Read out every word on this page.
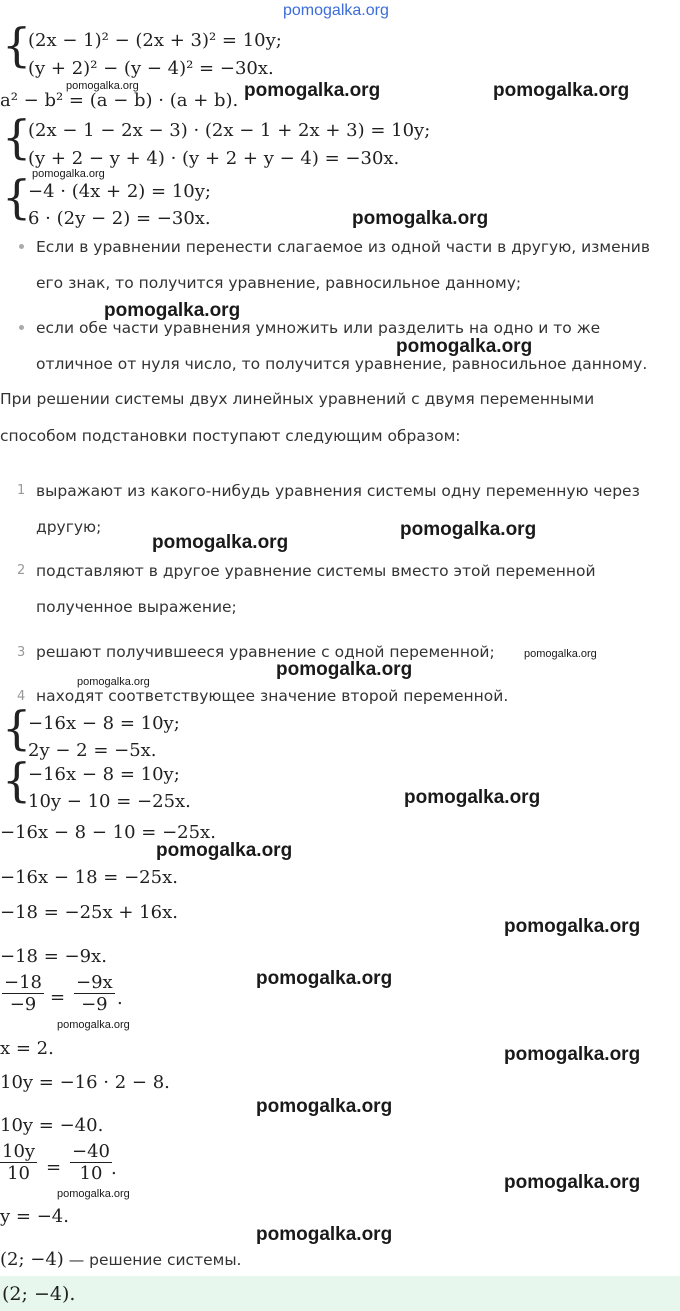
pomogalka.org
{
(2x − 1)² − (2x + 3)² = 10y;
(y + 2)² − (y − 4)² = −30x.
a² − b² = (a − b) · (a + b).
pomogalka.org	pomogalka.org	pomogalka.org
{
(2x − 1 − 2x − 3) · (2x − 1 + 2x + 3) = 10y;
(y + 2 − y + 4) · (y + 2 + y − 4) = −30x.
pomogalka.org
{
−4 · (4x + 2) = 10y;
6 · (2y − 2) = −30x.	pomogalka.org
Если в уравнении перенести слагаемое из одной части в другую, изменив
его знак, то получится уравнение, равносильное данному;
pomogalka.org
если обе части уравнения умножить или разделить на одно и то же
отличное от нуля число, то получится уравнение, равносильное данному.
pomogalka.org
При решении системы двух линейных уравнений с двумя переменными
способом подстановки поступают следующим образом:
1 выражают из какого-нибудь уравнения системы одну переменную через
другую;	pomogalka.org
pomogalka.org
2 подставляют в другое уравнение системы вместо этой переменной
полученное выражение;
3 решают получившееся уравнение с одной переменной;	pomogalka.org
pomogalka.org
pomogalka.org
4 находят соответствующее значение второй переменной.
{
−16x − 8 = 10y;
2y − 2 = −5x.
{
−16x − 8 = 10y;
10y − 10 = −25x.	pomogalka.org
−16x − 8 − 10 = −25x.
pomogalka.org
−16x − 18 = −25x.
−18 = −25x + 16x.
pomogalka.org
−18 = −9x.
pomogalka.org
−18
−9 =
−9x
−9 .
pomogalka.org
x = 2.	pomogalka.org
10y = −16 · 2 − 8.
pomogalka.org
10y = −40.
10y
10 =
−40
10 .
pomogalka.org
pomogalka.org
y = −4.
pomogalka.org
(2; −4) — решение системы.
(2; −4).
